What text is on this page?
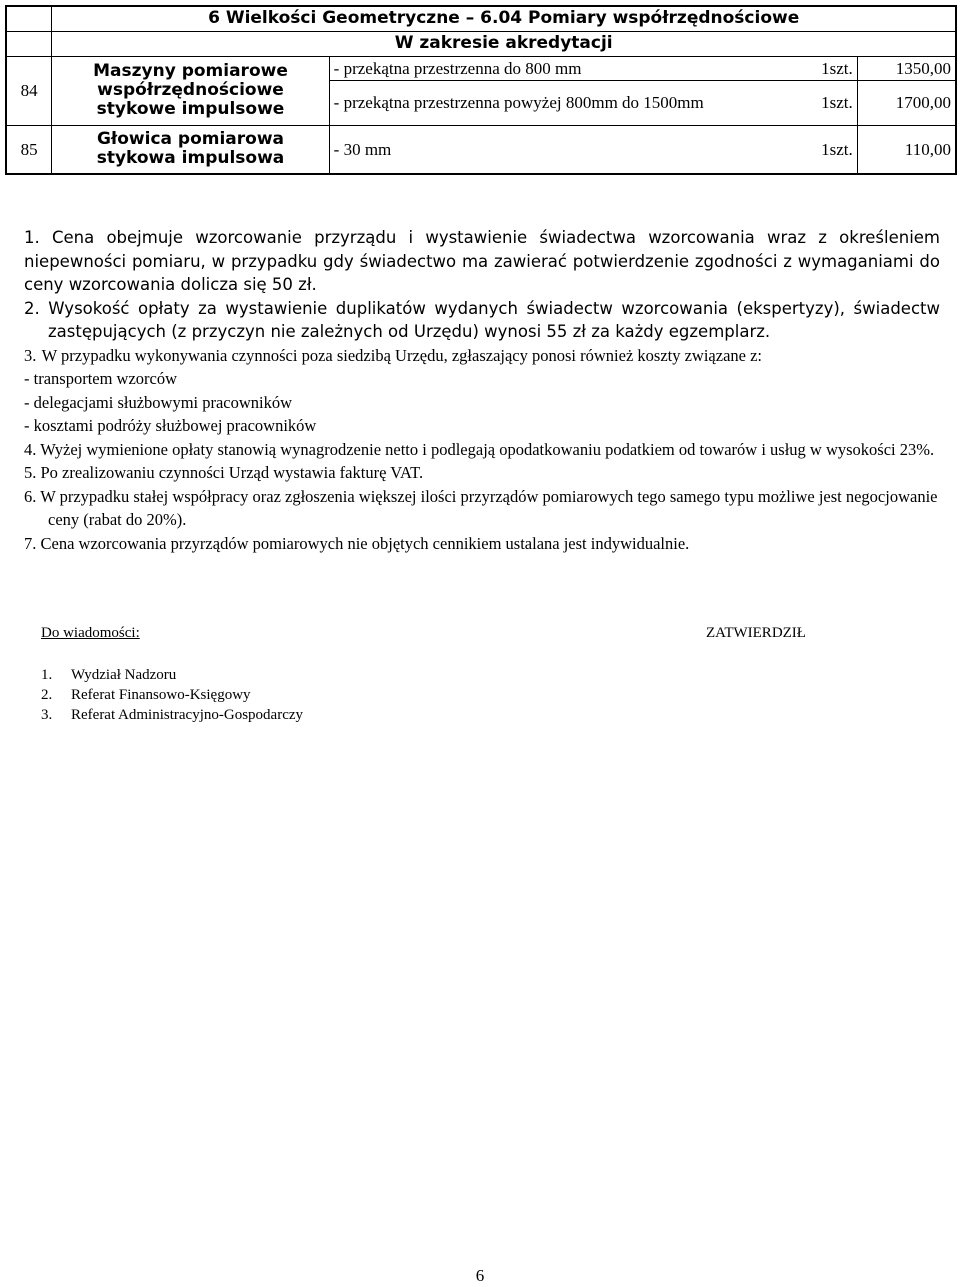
	6 Wielkości Geometryczne – 6.04 Pomiary współrzędnościowe			
	W zakresie akredytacji			
84	Maszyny pomiarowe współrzędnościowe stykowe impulsowe	- przekątna przestrzenna do 800 mm	1szt.	1350,00
		- przekątna przestrzenna powyżej 800mm do 1500mm	1szt.	1700,00
85	Głowica pomiarowa stykowa impulsowa	- 30 mm	1szt.	110,00
1. Cena obejmuje wzorcowanie przyrządu i wystawienie świadectwa wzorcowania wraz z określeniem niepewności pomiaru, w przypadku gdy świadectwo ma zawierać potwierdzenie zgodności z wymaganiami do ceny wzorcowania dolicza się 50 zł.
2. Wysokość opłaty za wystawienie duplikatów wydanych świadectw wzorcowania (ekspertyzy), świadectw zastępujących (z przyczyn nie zależnych od Urzędu) wynosi 55 zł za każdy egzemplarz.
3. W przypadku wykonywania czynności poza siedzibą Urzędu, zgłaszający ponosi również koszty związane z:
- transportem wzorców
- delegacjami służbowymi pracowników
- kosztami podróży służbowej pracowników
4. Wyżej wymienione opłaty stanowią wynagrodzenie netto i podlegają opodatkowaniu podatkiem od towarów i usług w wysokości 23%.
5. Po zrealizowaniu czynności Urząd wystawia fakturę VAT.
6. W przypadku stałej współpracy oraz zgłoszenia większej ilości przyrządów pomiarowych tego samego typu możliwe jest negocjowanie ceny (rabat do 20%).
7. Cena wzorcowania przyrządów pomiarowych nie objętych cennikiem ustalana jest indywidualnie.
Do wiadomości:	ZATWIERDZIŁ
1. Wydział Nadzoru
2. Referat Finansowo-Księgowy
3. Referat Administracyjno-Gospodarczy
6
